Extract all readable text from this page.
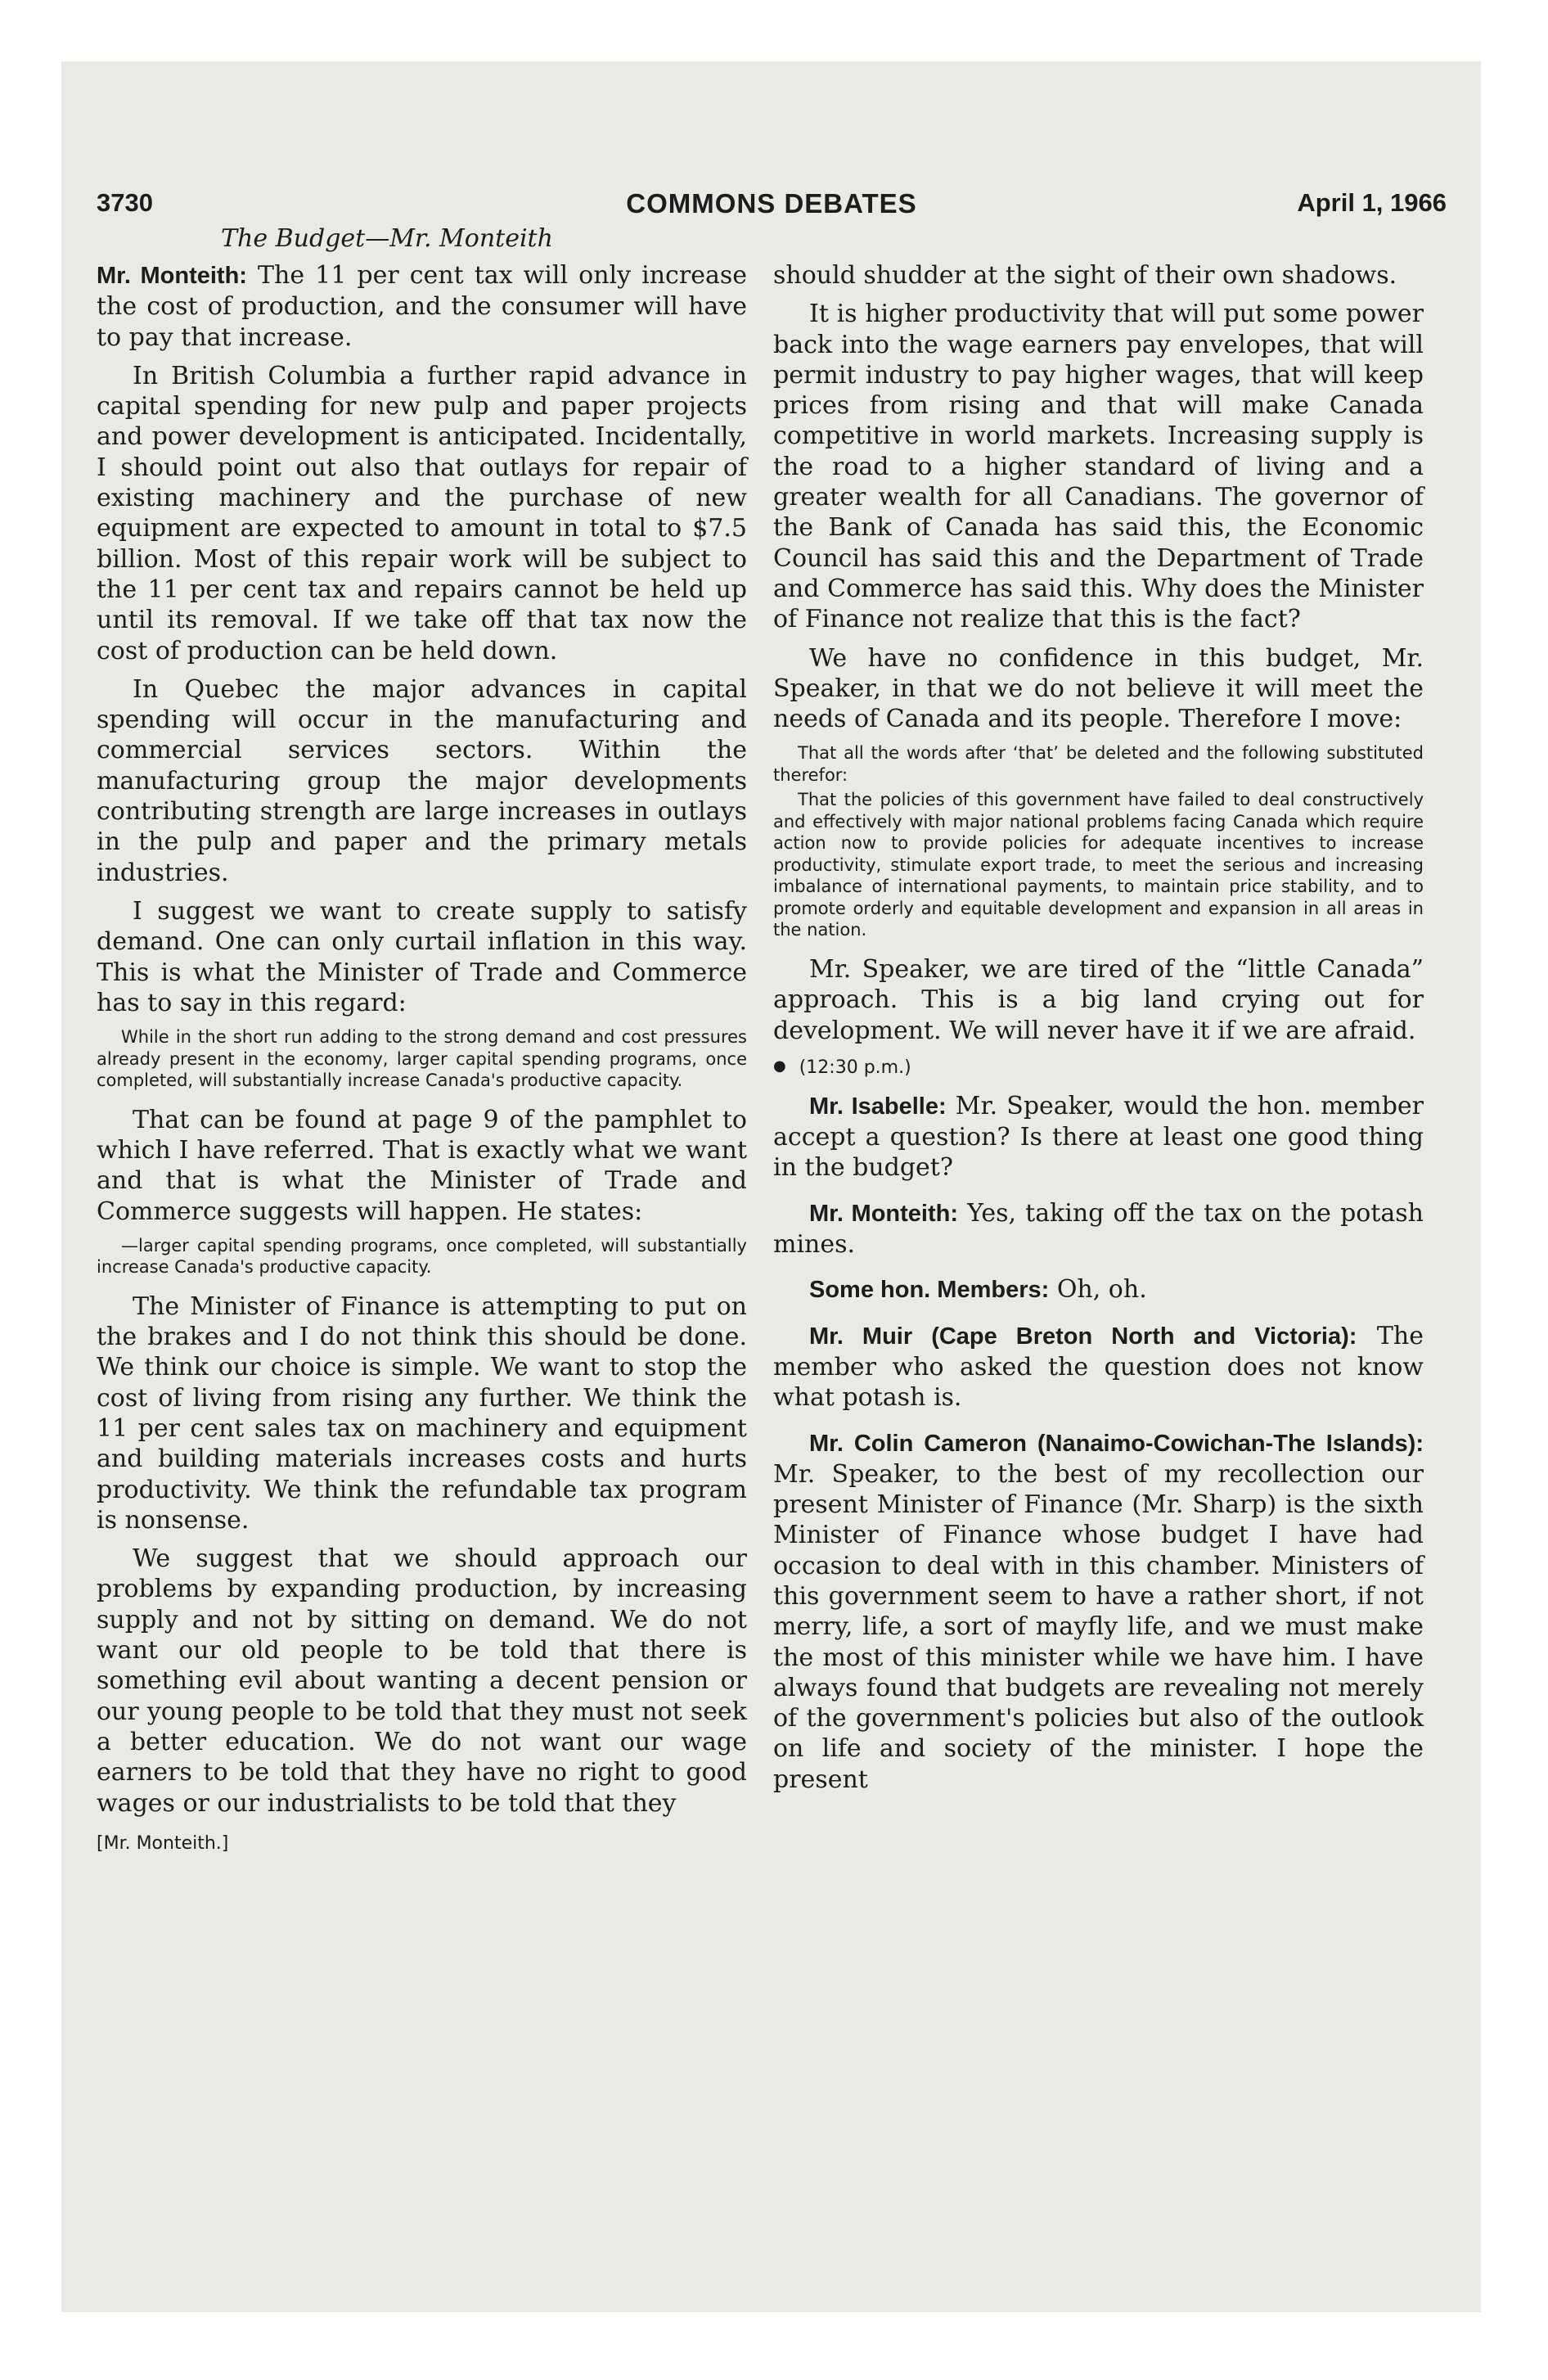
3730	COMMONS DEBATES	April 1, 1966
The Budget—Mr. Monteith

Mr. Monteith: The 11 per cent tax will only increase the cost of production, and the consumer will have to pay that increase.

In British Columbia a further rapid advance in capital spending for new pulp and paper projects and power development is anticipated. Incidentally, I should point out also that outlays for repair of existing machinery and the purchase of new equipment are expected to amount in total to $7.5 billion. Most of this repair work will be subject to the 11 per cent tax and repairs cannot be held up until its removal. If we take off that tax now the cost of production can be held down.

In Quebec the major advances in capital spending will occur in the manufacturing and commercial services sectors. Within the manufacturing group the major developments contributing strength are large increases in outlays in the pulp and paper and the primary metals industries.

I suggest we want to create supply to satisfy demand. One can only curtail inflation in this way. This is what the Minister of Trade and Commerce has to say in this regard:

While in the short run adding to the strong demand and cost pressures already present in the economy, larger capital spending programs, once completed, will substantially increase Canada's productive capacity.

That can be found at page 9 of the pamphlet to which I have referred. That is exactly what we want and that is what the Minister of Trade and Commerce suggests will happen. He states:

—larger capital spending programs, once completed, will substantially increase Canada's productive capacity.

The Minister of Finance is attempting to put on the brakes and I do not think this should be done. We think our choice is simple. We want to stop the cost of living from rising any further. We think the 11 per cent sales tax on machinery and equipment and building materials increases costs and hurts productivity. We think the refundable tax program is nonsense.

We suggest that we should approach our problems by expanding production, by increasing supply and not by sitting on demand. We do not want our old people to be told that there is something evil about wanting a decent pension or our young people to be told that they must not seek a better education. We do not want our wage earners to be told that they have no right to good wages or our industrialists to be told that they

[Mr. Monteith.]

should shudder at the sight of their own shadows.

It is higher productivity that will put some power back into the wage earners pay envelopes, that will permit industry to pay higher wages, that will keep prices from rising and that will make Canada competitive in world markets. Increasing supply is the road to a higher standard of living and a greater wealth for all Canadians. The governor of the Bank of Canada has said this, the Economic Council has said this and the Department of Trade and Commerce has said this. Why does the Minister of Finance not realize that this is the fact?

We have no confidence in this budget, Mr. Speaker, in that we do not believe it will meet the needs of Canada and its people. Therefore I move:

That all the words after ‘that’ be deleted and the following substituted therefor:

That the policies of this government have failed to deal constructively and effectively with major national problems facing Canada which require action now to provide policies for adequate incentives to increase productivity, stimulate export trade, to meet the serious and increasing imbalance of international payments, to maintain price stability, and to promote orderly and equitable development and expansion in all areas in the nation.

Mr. Speaker, we are tired of the “little Canada” approach. This is a big land crying out for development. We will never have it if we are afraid.

● (12:30 p.m.)

Mr. Isabelle: Mr. Speaker, would the hon. member accept a question? Is there at least one good thing in the budget?

Mr. Monteith: Yes, taking off the tax on the potash mines.

Some hon. Members: Oh, oh.

Mr. Muir (Cape Breton North and Victoria): The member who asked the question does not know what potash is.

Mr. Colin Cameron (Nanaimo-Cowichan-The Islands): Mr. Speaker, to the best of my recollection our present Minister of Finance (Mr. Sharp) is the sixth Minister of Finance whose budget I have had occasion to deal with in this chamber. Ministers of this government seem to have a rather short, if not merry, life, a sort of mayfly life, and we must make the most of this minister while we have him. I have always found that budgets are revealing not merely of the government's policies but also of the outlook on life and society of the minister. I hope the present
